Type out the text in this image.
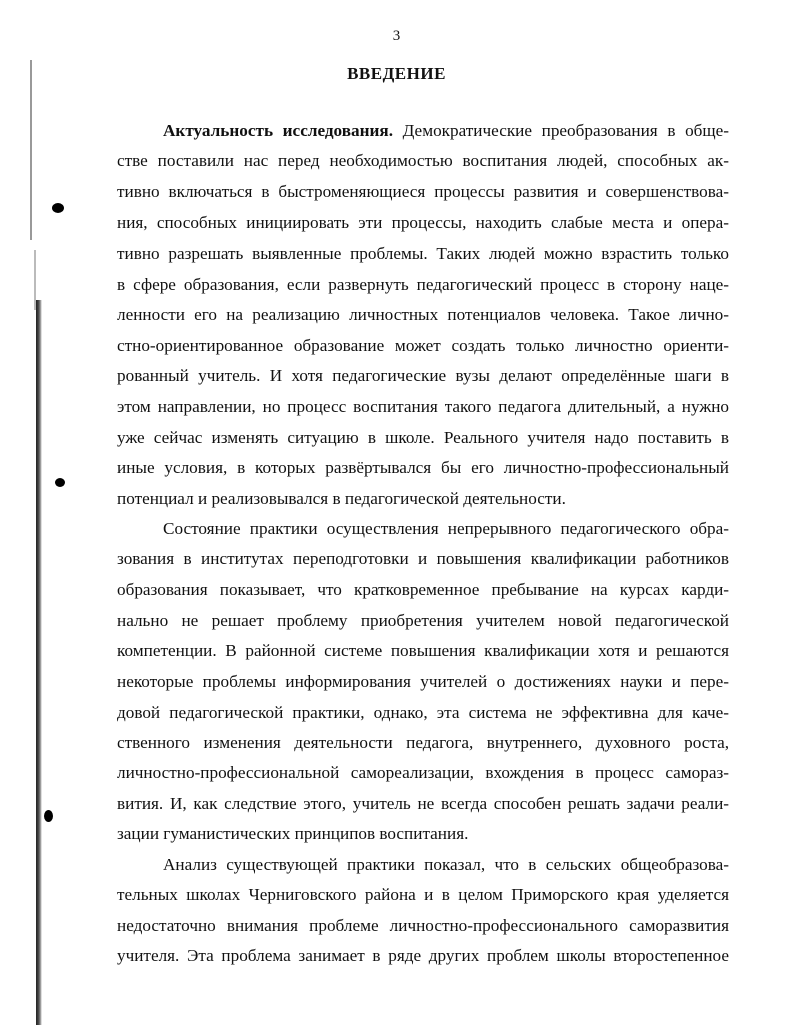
3
ВВЕДЕНИЕ
Актуальность исследования. Демократические преобразования в обще-
стве поставили нас перед необходимостью воспитания людей, способных ак-
тивно включаться в быстроменяющиеся процессы развития и совершенствова-
ния, способных инициировать эти процессы, находить слабые места и опера-
тивно разрешать выявленные проблемы. Таких людей можно взрастить только
в сфере образования, если развернуть педагогический процесс в сторону наце-
ленности его на реализацию личностных потенциалов человека. Такое лично-
стно-ориентированное образование может создать только личностно ориенти-
рованный учитель. И хотя педагогические вузы делают определённые шаги в
этом направлении, но процесс воспитания такого педагога длительный, а нужно
уже сейчас изменять ситуацию в школе. Реального учителя надо поставить в
иные условия, в которых развёртывался бы его личностно-профессиональный
потенциал и реализовывался в педагогической деятельности.
Состояние практики осуществления непрерывного педагогического обра-
зования в институтах переподготовки и повышения квалификации работников
образования показывает, что кратковременное пребывание на курсах карди-
нально не решает проблему приобретения учителем новой педагогической
компетенции. В районной системе повышения квалификации хотя и решаются
некоторые проблемы информирования учителей о достижениях науки и пере-
довой педагогической практики, однако, эта система не эффективна для каче-
ственного изменения деятельности педагога, внутреннего, духовного роста,
личностно-профессиональной самореализации, вхождения в процесс самораз-
вития. И, как следствие этого, учитель не всегда способен решать задачи реали-
зации гуманистических принципов воспитания.
Анализ существующей практики показал, что в сельских общеобразова-
тельных школах Черниговского района и в целом Приморского края уделяется
недостаточно внимания проблеме личностно-профессионального саморазвития
учителя. Эта проблема занимает в ряде других проблем школы второстепенное
